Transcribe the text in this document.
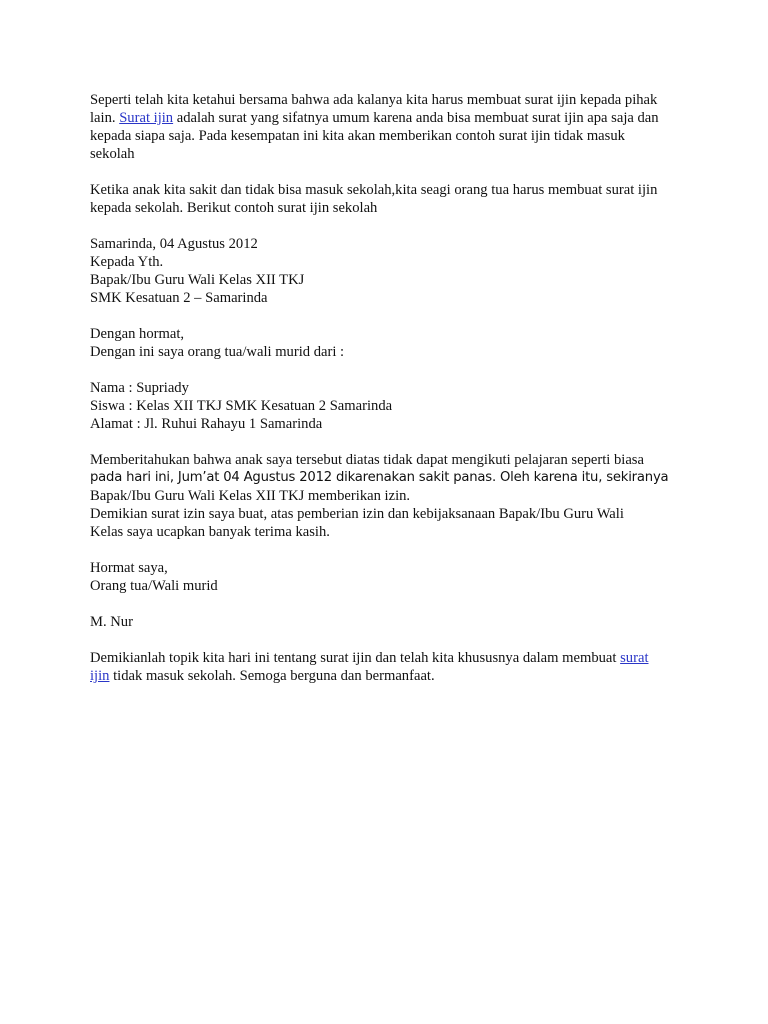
Seperti telah kita ketahui bersama bahwa ada kalanya kita harus membuat surat ijin kepada pihak
lain. Surat ijin adalah surat yang sifatnya umum karena anda bisa membuat surat ijin apa saja dan
kepada siapa saja. Pada kesempatan ini kita akan memberikan contoh surat ijin tidak masuk
sekolah

Ketika anak kita sakit dan tidak bisa masuk sekolah,kita seagi orang tua harus membuat surat ijin
kepada sekolah. Berikut contoh surat ijin sekolah

Samarinda, 04 Agustus 2012
Kepada Yth.
Bapak/Ibu Guru Wali Kelas XII TKJ
SMK Kesatuan 2 – Samarinda

Dengan hormat,
Dengan ini saya orang tua/wali murid dari :

Nama : Supriady
Siswa : Kelas XII TKJ SMK Kesatuan 2 Samarinda
Alamat : Jl. Ruhui Rahayu 1 Samarinda

Memberitahukan bahwa anak saya tersebut diatas tidak dapat mengikuti pelajaran seperti biasa
pada hari ini, Jum’at 04 Agustus 2012 dikarenakan sakit panas. Oleh karena itu, sekiranya
Bapak/Ibu Guru Wali Kelas XII TKJ memberikan izin.
Demikian surat izin saya buat, atas pemberian izin dan kebijaksanaan Bapak/Ibu Guru Wali
Kelas saya ucapkan banyak terima kasih.

Hormat saya,
Orang tua/Wali murid

M. Nur

Demikianlah topik kita hari ini tentang surat ijin dan telah kita khususnya dalam membuat surat
ijin tidak masuk sekolah. Semoga berguna dan bermanfaat.
